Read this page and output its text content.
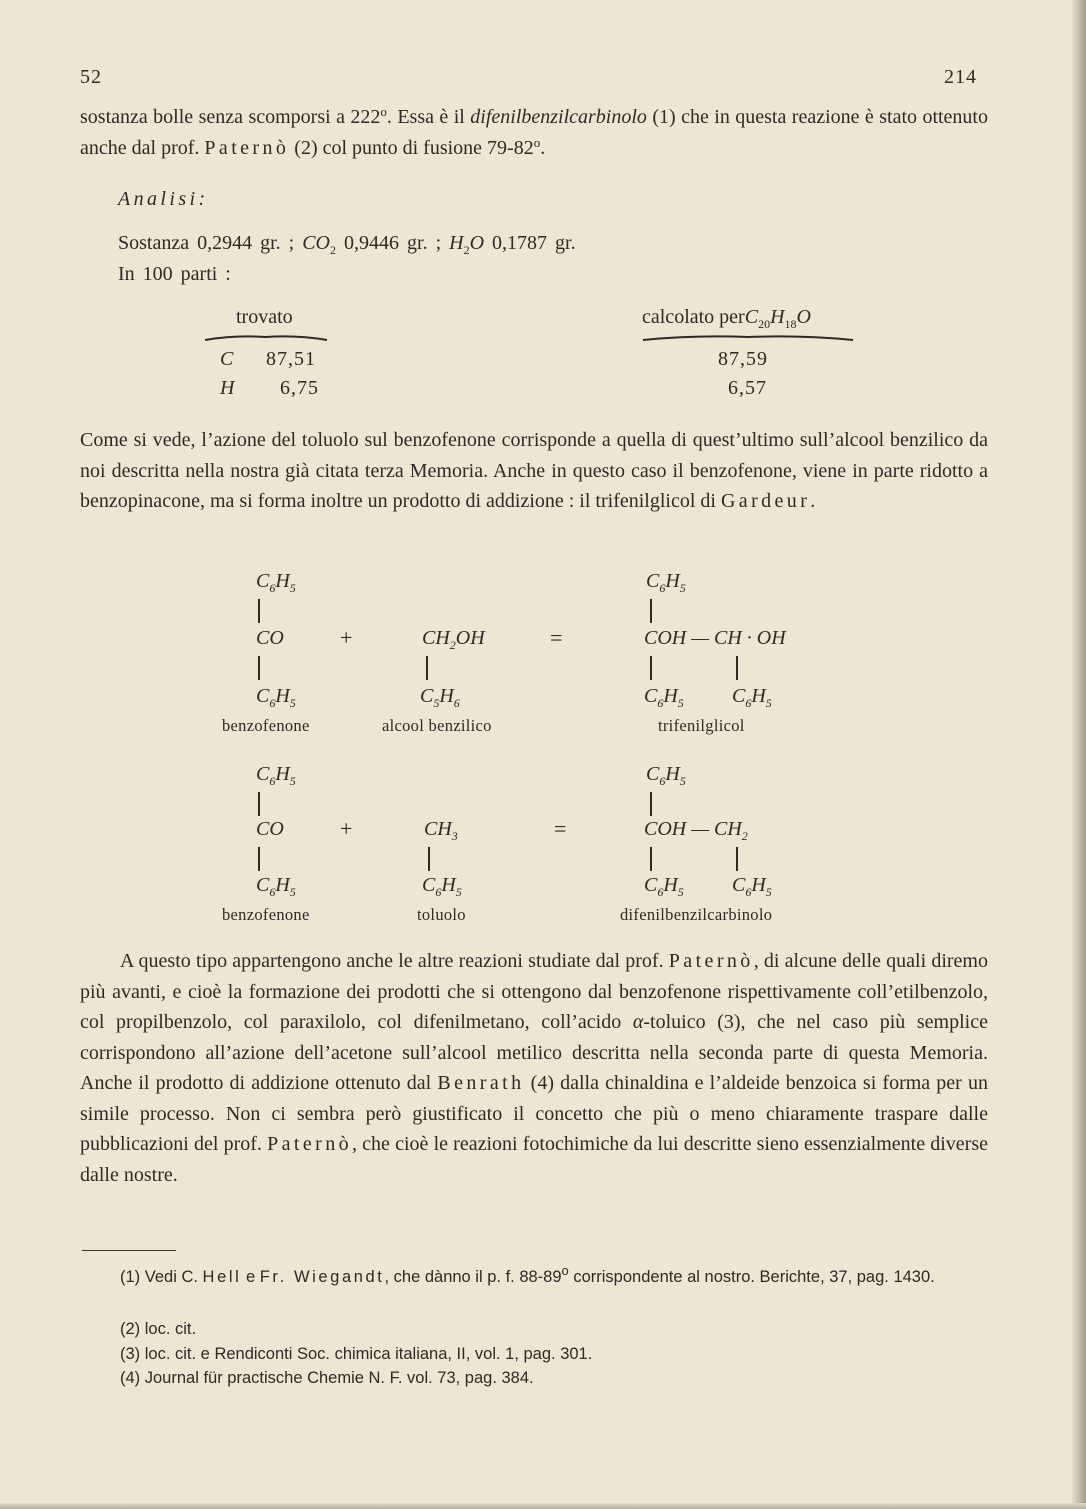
52	214

sostanza bolle senza scomporsi a 222$^o$. Essa è il difenilbenzilcarbinolo (1) che in questa reazione è stato ottenuto anche dal prof. Paternò (2) col punto di fusione 79-82$^o$.

Analisi:
Sostanza 0,2944 gr. ; $CO_2$ 0,9446 gr. ; $H_2O$ 0,1787 gr.
In 100 parti :
trovato	calcolato $perC_{20}H_{18}O$
C 87,51	87,59
H 6,75	6,57

Come si vede, l’azione del toluolo sul benzofenone corrisponde a quella di quest’ultimo sull’alcool benzilico da noi descritta nella nostra già citata terza Memoria. Anche in questo caso il benzofenone, viene in parte ridotto a benzopinacone, ma si forma inoltre un prodotto di addizione : il trifenilglicol di Gardeur.

$C_6H_5$
CO	+	$CH_2OH$	=
$C_6H_5$
COH — CH · OH
$C_6H_5$	$C_5H_6$	$C_6H_5$ $C_6H_5$
benzofenone	alcool benzilico	trifenilglicol
$C_6H_5$
CO	+	$CH_3$	=
$C_6H_5$
COH — $CH_2$
$C_6H_5$	$C_6H_5$	$C_6H_5$ $C_6H_5$
benzofenone	toluolo	difenilbenzilcarbinolo

A questo tipo appartengono anche le altre reazioni studiate dal prof. Paternò, di alcune delle quali diremo più avanti, e cioè la formazione dei prodotti che si ottengono dal benzofenone rispettivamente coll’etilbenzolo, col propilbenzolo, col paraxilolo, col difenilmetano, coll’acido α-toluico (3), che nel caso più semplice corrispondono all’azione dell’acetone sull’alcool metilico descritta nella seconda parte di questa Memoria. Anche il prodotto di addizione ottenuto dal Benrath (4) dalla chinaldina e l’aldeide benzoica si forma per un simile processo. Non ci sembra però giustificato il concetto che più o meno chiaramente traspare dalle pubblicazioni del prof. Paternò, che cioè le reazioni fotochimiche da lui descritte sieno essenzialmente diverse dalle nostre.

(1) Vedi C. Hell e Fr. Wiegandt, che dànno il p. f. 88-89$^o$ corrispondente al nostro. Berichte, 37, pag. 1430.

(2) loc. cit.

(3) loc. cit. e Rendiconti Soc. chimica italiana, II, vol. 1, pag. 301.

(4) Journal für practische Chemie N. F. vol. 73, pag. 384.
